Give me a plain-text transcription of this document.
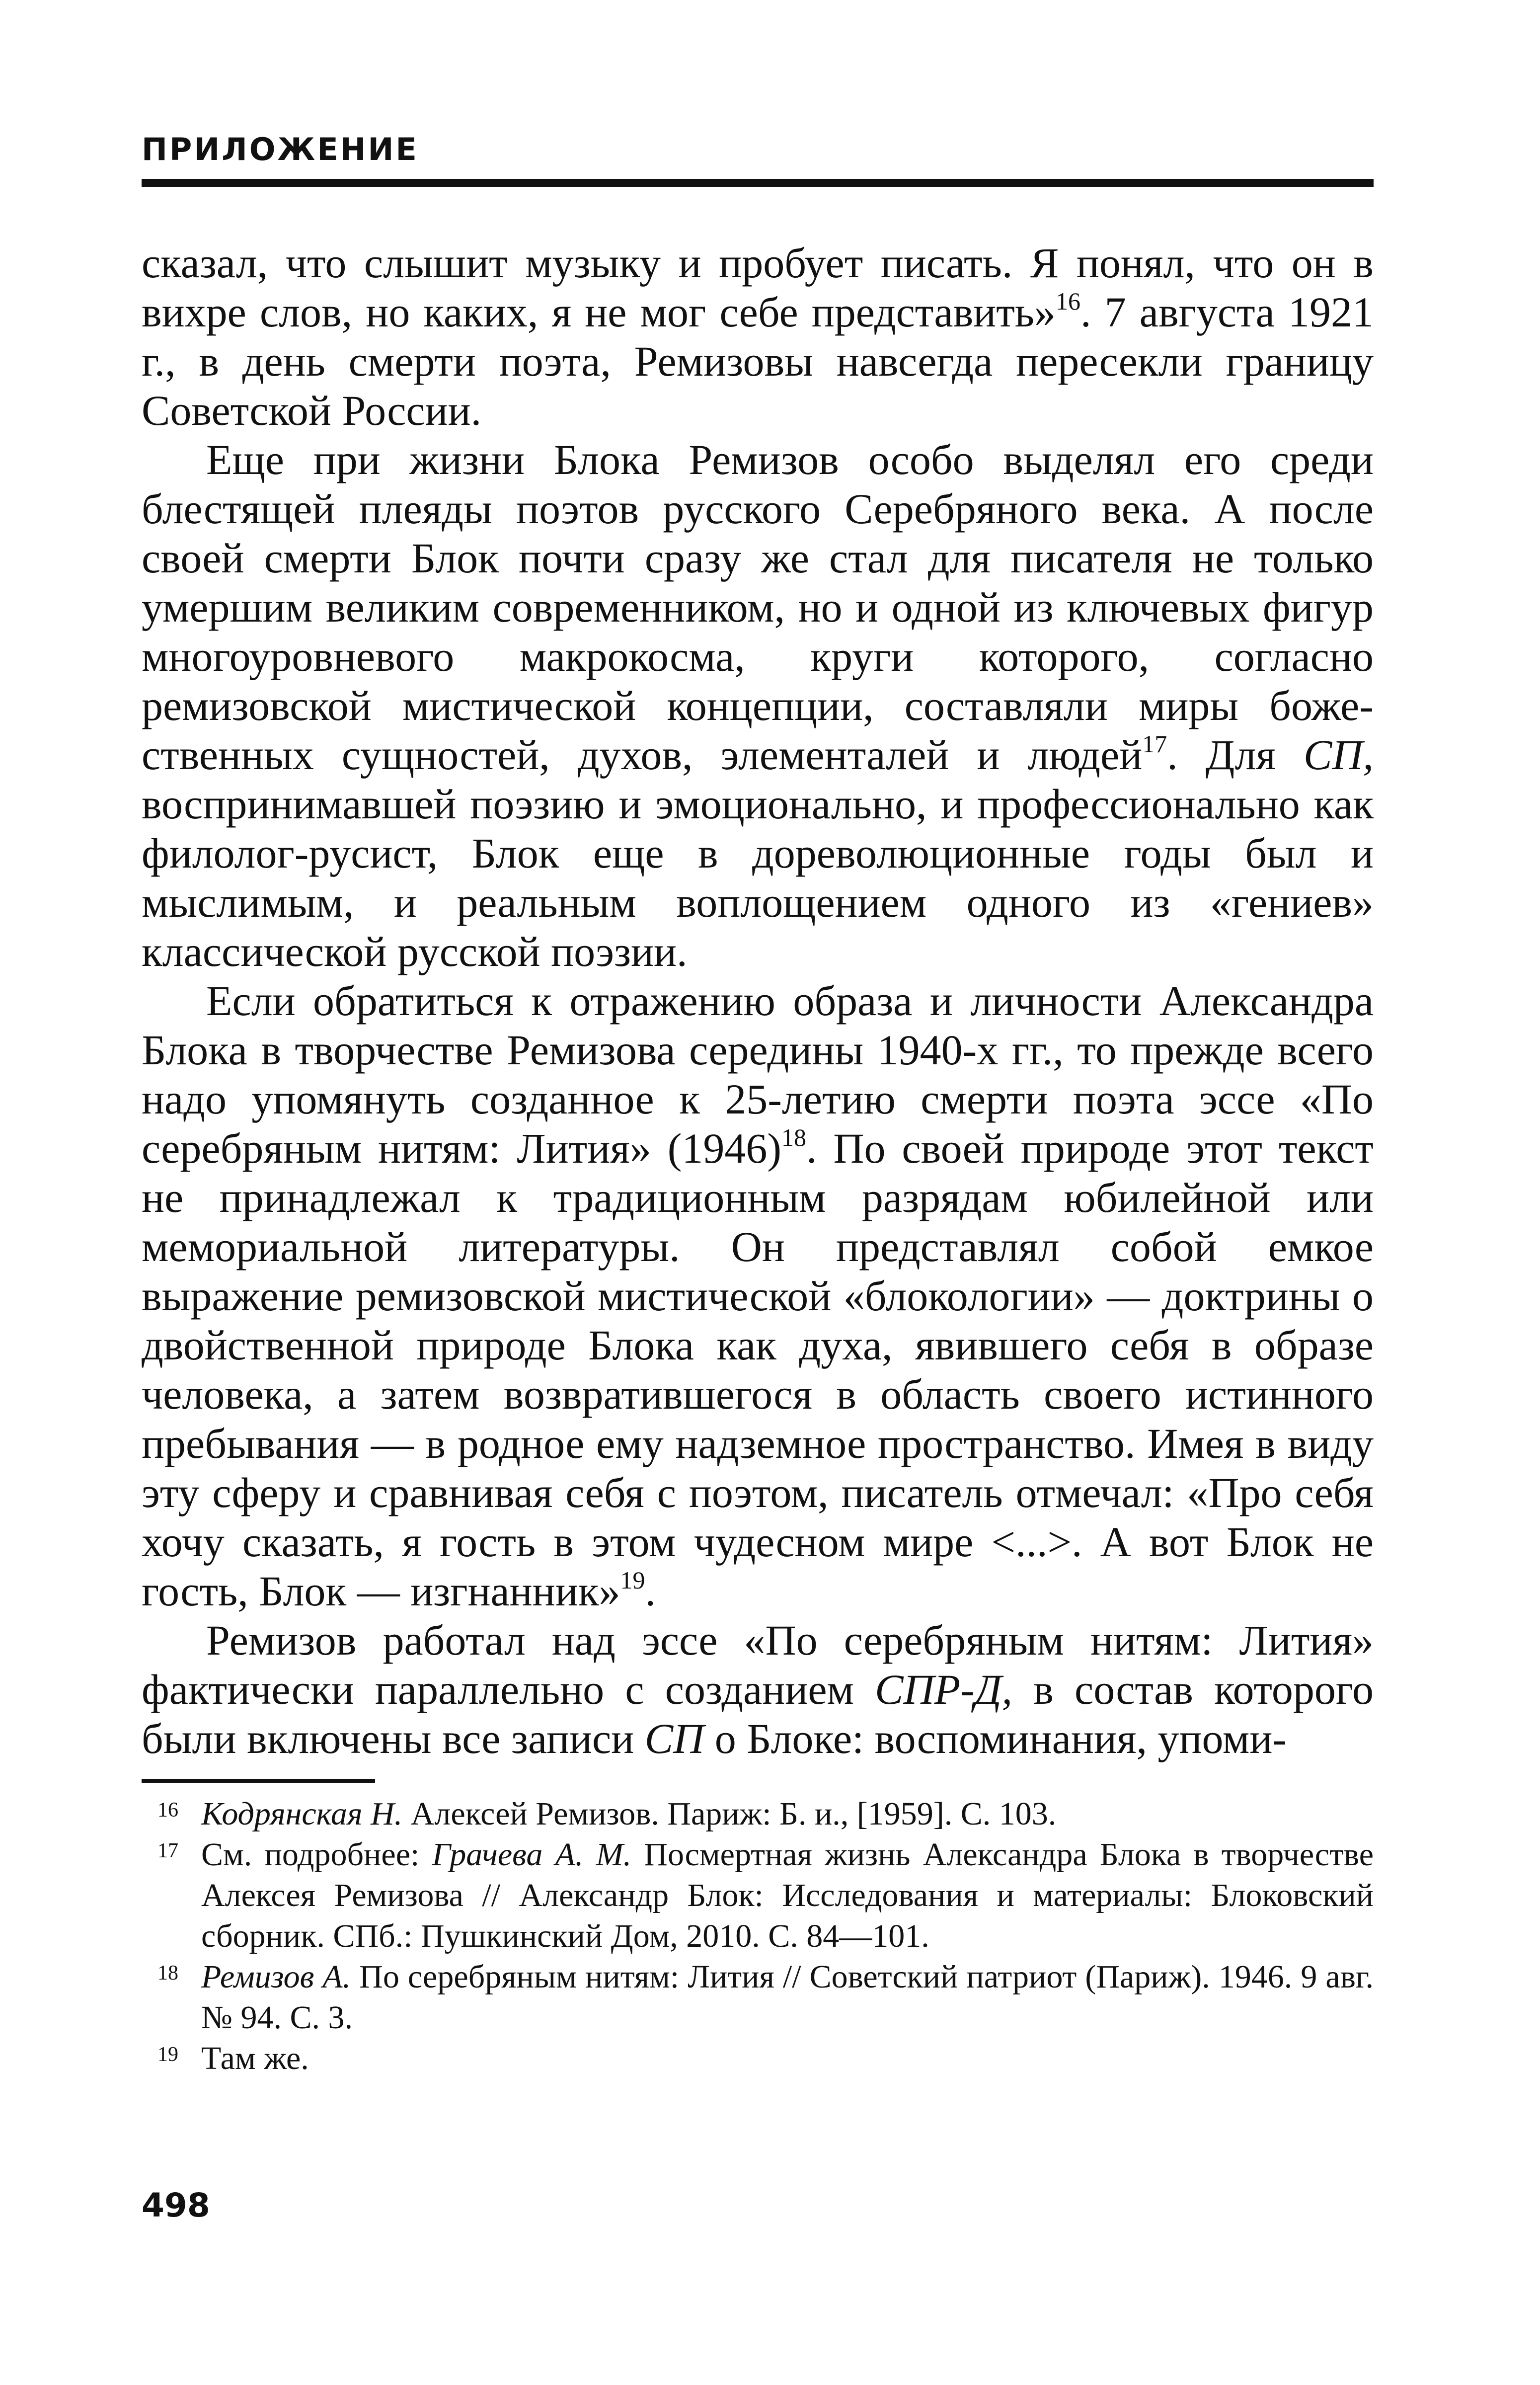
ПРИЛОЖЕНИЕ

сказал, что слышит музыку и пробует писать. Я понял, что он в вихре слов, но каких, я не мог себе представить»$^{16}$. 7 августа 1921 г., в день смерти поэта, Ремизовы навсегда пересекли границу Советской России.

Еще при жизни Блока Ремизов особо выделял его среди блестящей плеяды поэтов русского Серебряного века. А после своей смерти Блок почти сразу же стал для писателя не только умершим великим современником, но и одной из ключевых фигур многоуровневого макрокосма, круги которого, согласно ремизовской мистической концепции, составляли миры божественных сущностей, духов, элементалей и людей$^{17}$. Для СП, воспринимавшей поэзию и эмоционально, и профессионально как филолог-русист, Блок еще в дореволюционные годы был и мыслимым, и реальным воплощением одного из «гениев» классической русской поэзии.

Если обратиться к отражению образа и личности Александра Блока в творчестве Ремизова середины 1940-х гг., то прежде всего надо упомянуть созданное к 25-летию смерти поэта эссе «По серебряным нитям: Лития» $(1946)^{18}$. По своей природе этот текст не принадлежал к традиционным разрядам юбилейной или мемориальной литературы. Он представлял собой емкое выражение ремизовской мистической «блокологии» — доктрины о двойственной природе Блока как духа, явившего себя в образе человека, а затем возвратившегося в область своего истинного пребывания — в родное ему надземное пространство. Имея в виду эту сферу и сравнивая себя с поэтом, писатель отмечал: «Про себя хочу сказать, я гость в этом чудесном мире <...>. А вот Блок не гость, Блок — изгнанник»$^{19}$.

Ремизов работал над эссе «По серебряным нитям: Лития» фактически параллельно с созданием СПР-Д, в состав которого были включены все записи СП о Блоке: воспоминания, упоми-

16 Кодрянская Н. Алексей Ремизов. Париж: Б. и., [1959]. С. 103.
17 См. подробнее: Грачева А. М. Посмертная жизнь Александра Блока в творчестве Алексея Ремизова // Александр Блок: Исследования и материалы: Блоковский сборник. СПб.: Пушкинский Дом, 2010. С. 84—101.
18 Ремизов А. По серебряным нитям: Лития // Советский патриот (Париж). 1946. 9 авг. № 94. С. 3.
19 Там же.
498
